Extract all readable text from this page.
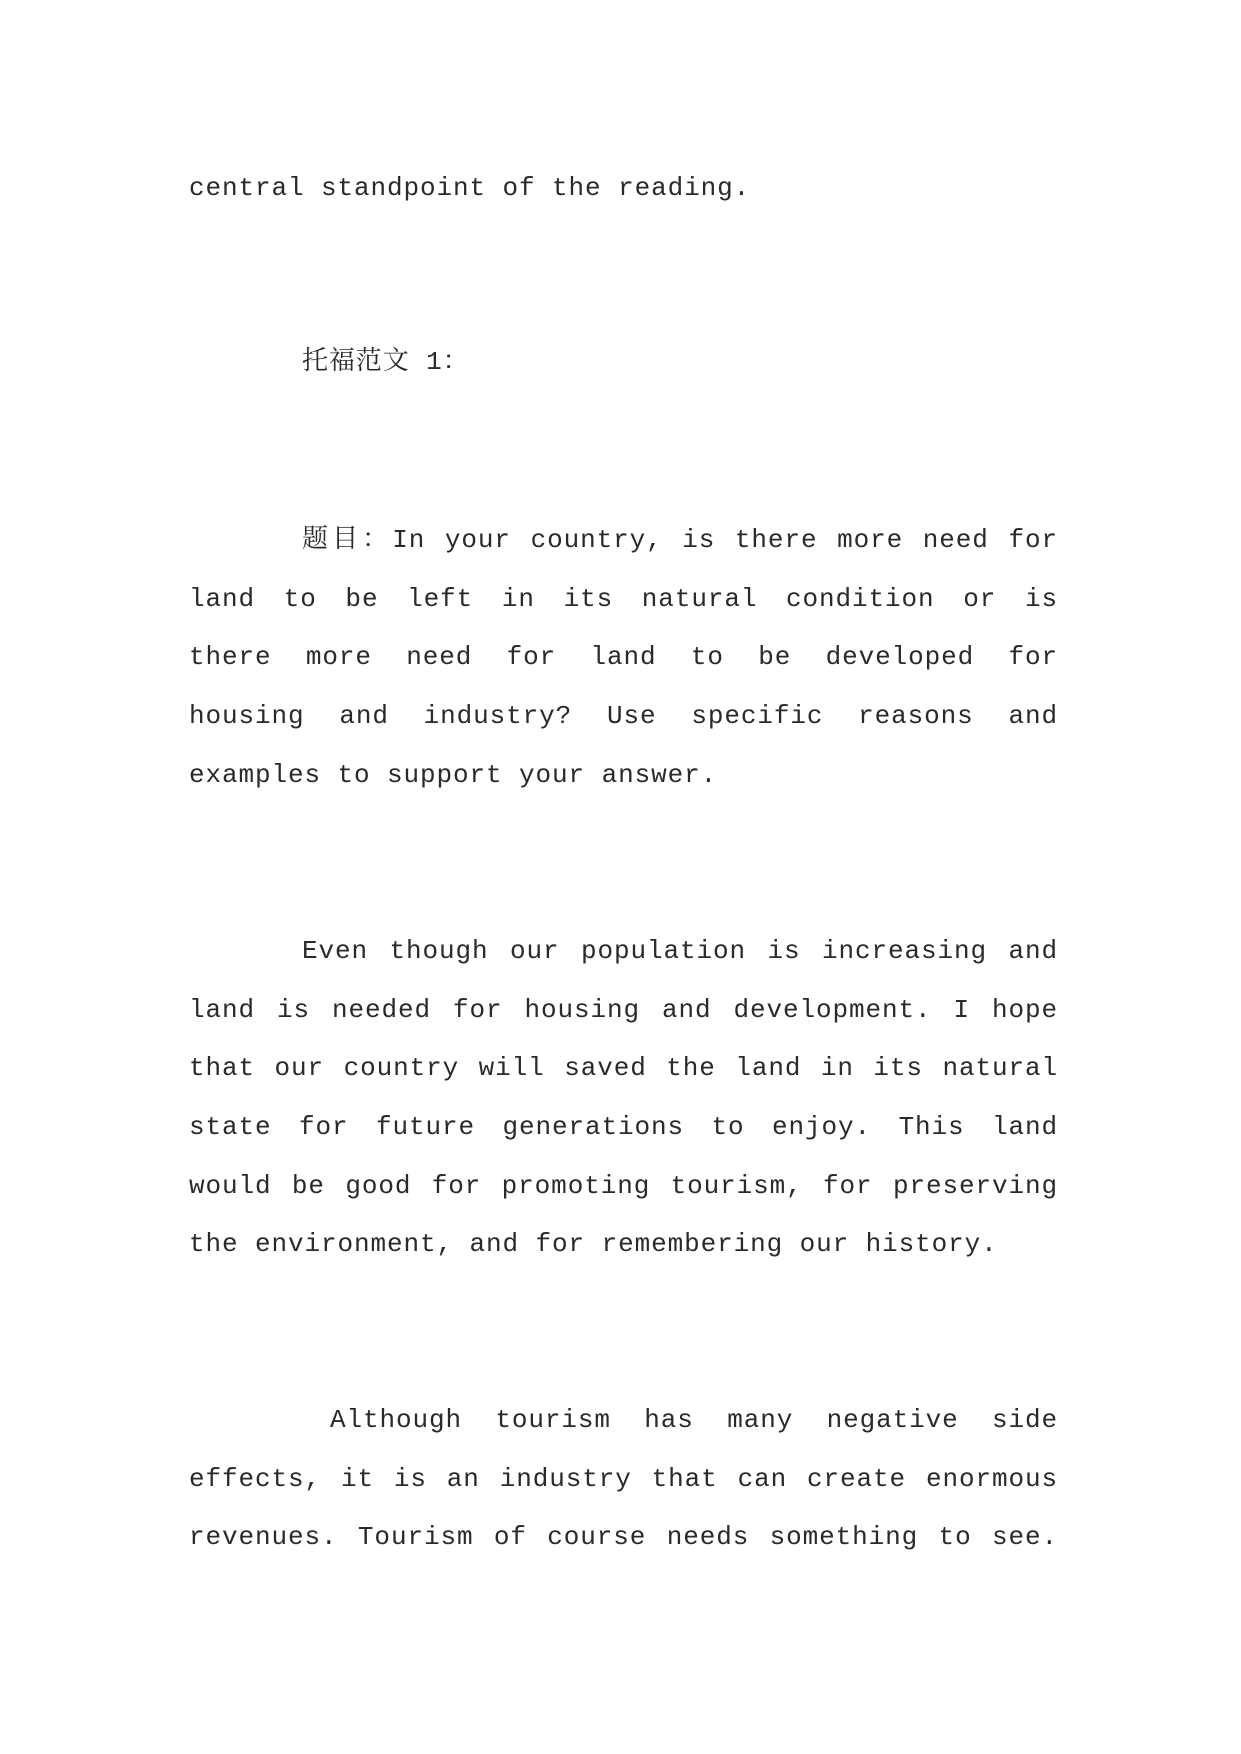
central standpoint of the reading.
托福范文 1：
题目：In your country, is there more need for
land to be left in its natural condition or is
there more need for land to be developed for
housing and industry? Use specific reasons and
examples to support your answer.
Even though our population is increasing and
land is needed for housing and development. I hope
that our country will saved the land in its natural
state for future generations to enjoy. This land
would be good for promoting tourism, for preserving
the environment, and for remembering our history.
Although tourism has many negative side
effects, it is an industry that can create enormous
revenues. Tourism of course needs something to see.
